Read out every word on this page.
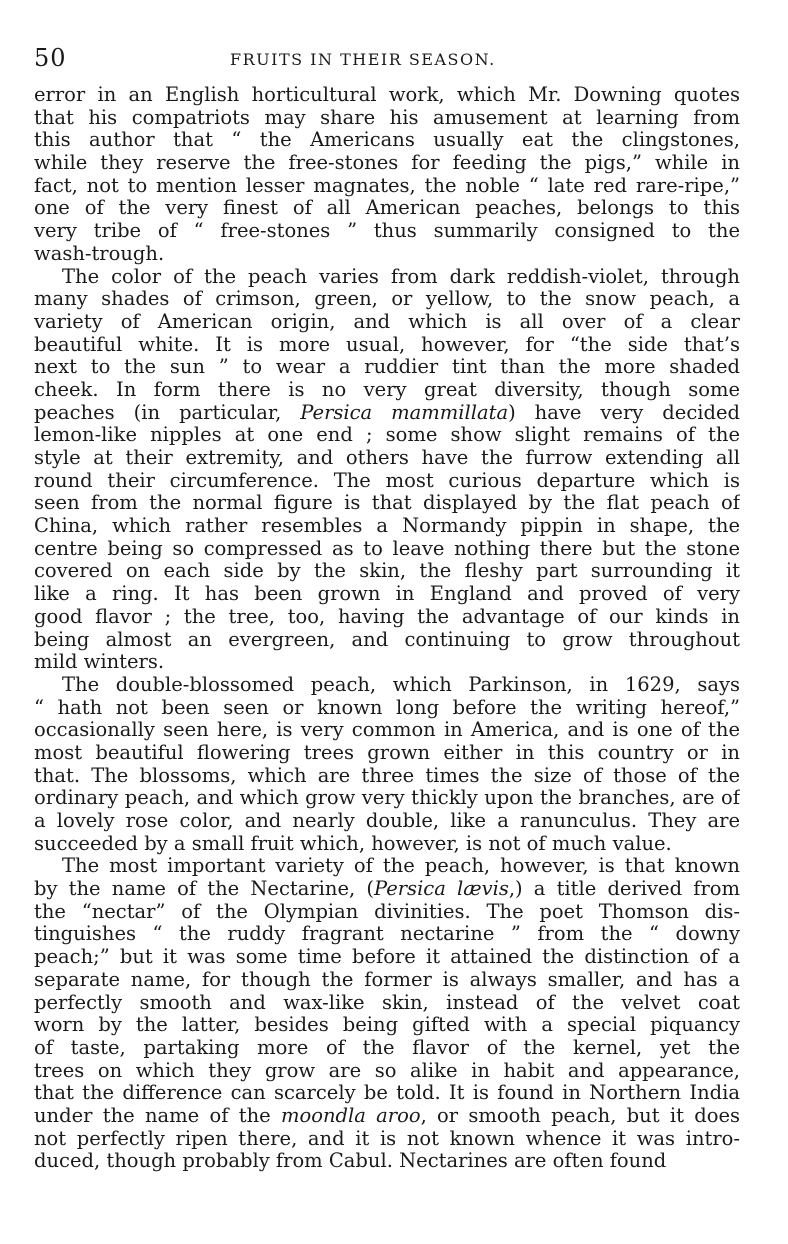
50	FRUITS IN THEIR SEASON.
error in an English horticultural work, which Mr. Downing quotes
that his compatriots may share his amusement at learning from
this author that “ the Americans usually eat the clingstones,
while they reserve the free-stones for feeding the pigs,” while in
fact, not to mention lesser magnates, the noble “ late red rare-ripe,”
one of the very finest of all American peaches, belongs to this
very tribe of “ free-stones ” thus summarily consigned to the
wash-trough.
The color of the peach varies from dark reddish-violet, through
many shades of crimson, green, or yellow, to the snow peach, a
variety of American origin, and which is all over of a clear
beautiful white. It is more usual, however, for “the side that’s
next to the sun ” to wear a ruddier tint than the more shaded
cheek. In form there is no very great diversity, though some
peaches (in particular, Persica mammillata) have very decided
lemon-like nipples at one end ; some show slight remains of the
style at their extremity, and others have the furrow extending all
round their circumference. The most curious departure which is
seen from the normal figure is that displayed by the flat peach of
China, which rather resembles a Normandy pippin in shape, the
centre being so compressed as to leave nothing there but the stone
covered on each side by the skin, the fleshy part surrounding it
like a ring. It has been grown in England and proved of very
good flavor ; the tree, too, having the advantage of our kinds in
being almost an evergreen, and continuing to grow throughout
mild winters.
The double-blossomed peach, which Parkinson, in 1629, says
“ hath not been seen or known long before the writing hereof,”
occasionally seen here, is very common in America, and is one of the
most beautiful flowering trees grown either in this country or in
that. The blossoms, which are three times the size of those of the
ordinary peach, and which grow very thickly upon the branches, are of
a lovely rose color, and nearly double, like a ranunculus. They are
succeeded by a small fruit which, however, is not of much value.
The most important variety of the peach, however, is that known
by the name of the Nectarine, (Persica lævis,) a title derived from
the “nectar” of the Olympian divinities. The poet Thomson dis-
tinguishes “ the ruddy fragrant nectarine ” from the “ downy
peach;” but it was some time before it attained the distinction of a
separate name, for though the former is always smaller, and has a
perfectly smooth and wax-like skin, instead of the velvet coat
worn by the latter, besides being gifted with a special piquancy
of taste, partaking more of the flavor of the kernel, yet the
trees on which they grow are so alike in habit and appearance,
that the difference can scarcely be told. It is found in Northern India
under the name of the moondla aroo, or smooth peach, but it does
not perfectly ripen there, and it is not known whence it was intro-
duced, though probably from Cabul. Nectarines are often found
